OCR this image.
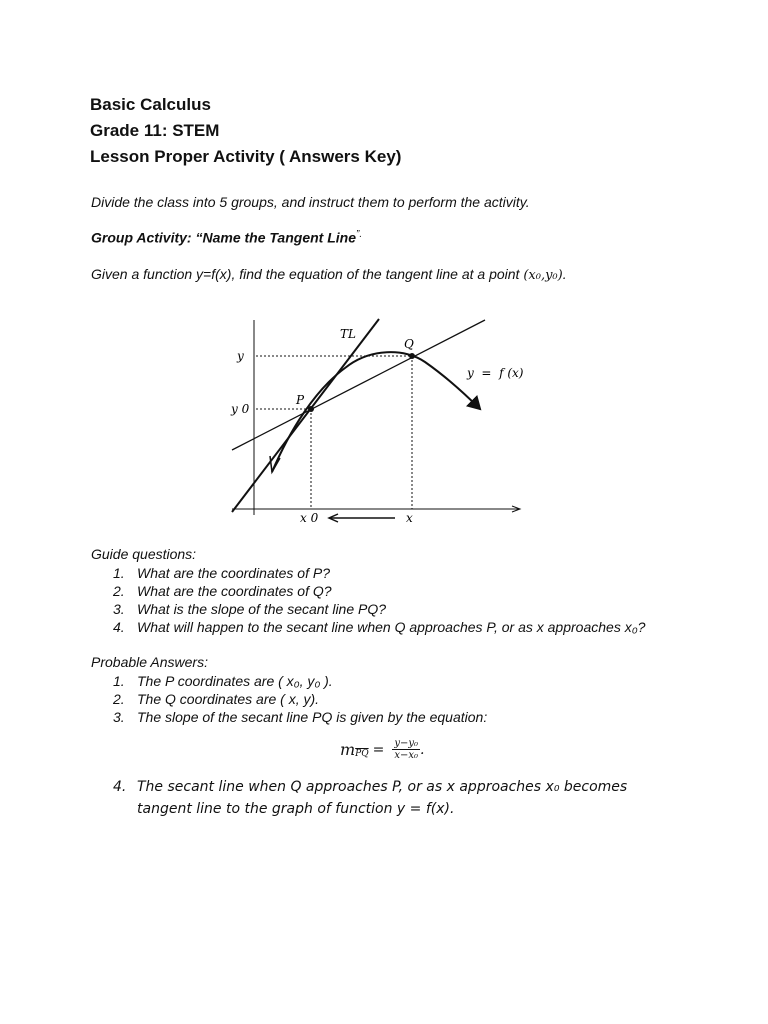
Basic Calculus
Grade 11: STEM
Lesson Proper Activity ( Answers Key)
Divide the class into 5 groups, and instruct them to perform the activity.
Group Activity: “Name the Tangent Line”.
Given a function y=f(x), find the equation of the tangent line at a point (x₀,y₀).
TL
Q
P
y
y 0
x 0	x
y  =  f (x)
Guide questions:
1. What are the coordinates of P?
2. What are the coordinates of Q?
3. What is the slope of the secant line PQ?
4. What will happen to the secant line when Q approaches P, or as x approaches x₀?
Probable Answers:
1. The P coordinates are ( x₀, y₀ ).
2. The Q coordinates are ( x, y).
3. The slope of the secant line PQ is given by the equation:
m $\overline{PQ} = \frac{\text{y−y₀}}{\text{x−x₀}}$ .
4. The secant line when Q approaches P, or as x approaches x₀ becomes
tangent line to the graph of function y = f(x).
